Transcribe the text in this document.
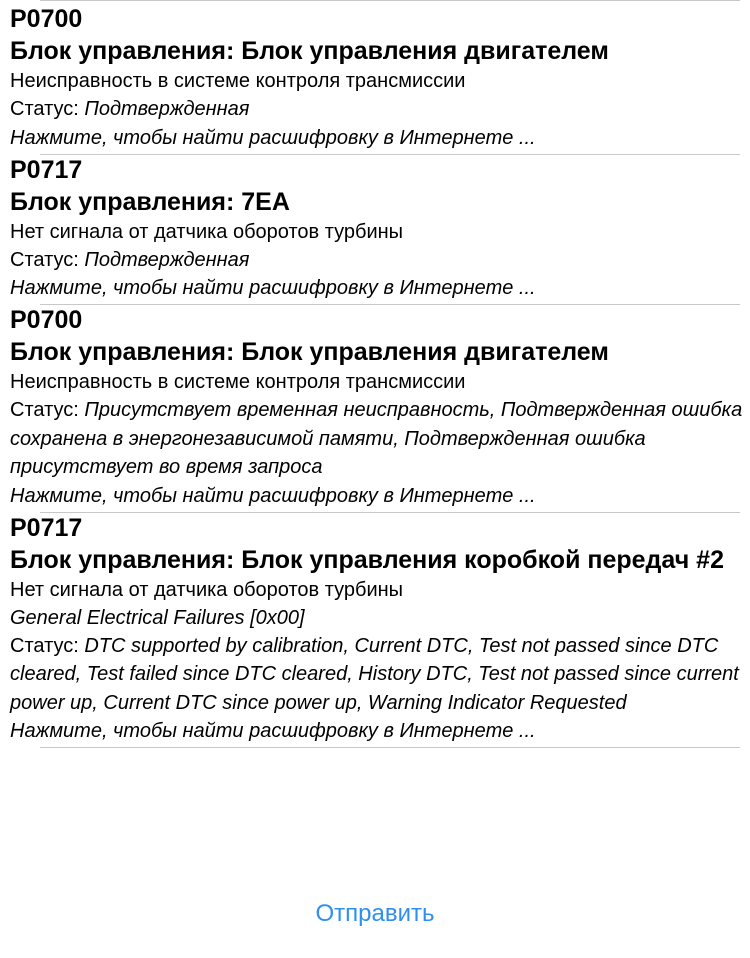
P0700
Блок управления: Блок управления двигателем
Неисправность в системе контроля трансмиссии
Статус: Подтвержденная
Нажмите, чтобы найти расшифровку в Интернете ...
P0717
Блок управления: 7EA
Нет сигнала от датчика оборотов турбины
Статус: Подтвержденная
Нажмите, чтобы найти расшифровку в Интернете ...
P0700
Блок управления: Блок управления двигателем
Неисправность в системе контроля трансмиссии
Статус: Присутствует временная неисправность, Подтвержденная ошибка сохранена в энергонезависимой памяти, Подтвержденная ошибка присутствует во время запроса
Нажмите, чтобы найти расшифровку в Интернете ...
P0717
Блок управления: Блок управления коробкой передач #2
Нет сигнала от датчика оборотов турбины
General Electrical Failures [0x00]
Статус: DTC supported by calibration, Current DTC, Test not passed since DTC cleared, Test failed since DTC cleared, History DTC, Test not passed since current power up, Current DTC since power up, Warning Indicator Requested
Нажмите, чтобы найти расшифровку в Интернете ...
Отправить
